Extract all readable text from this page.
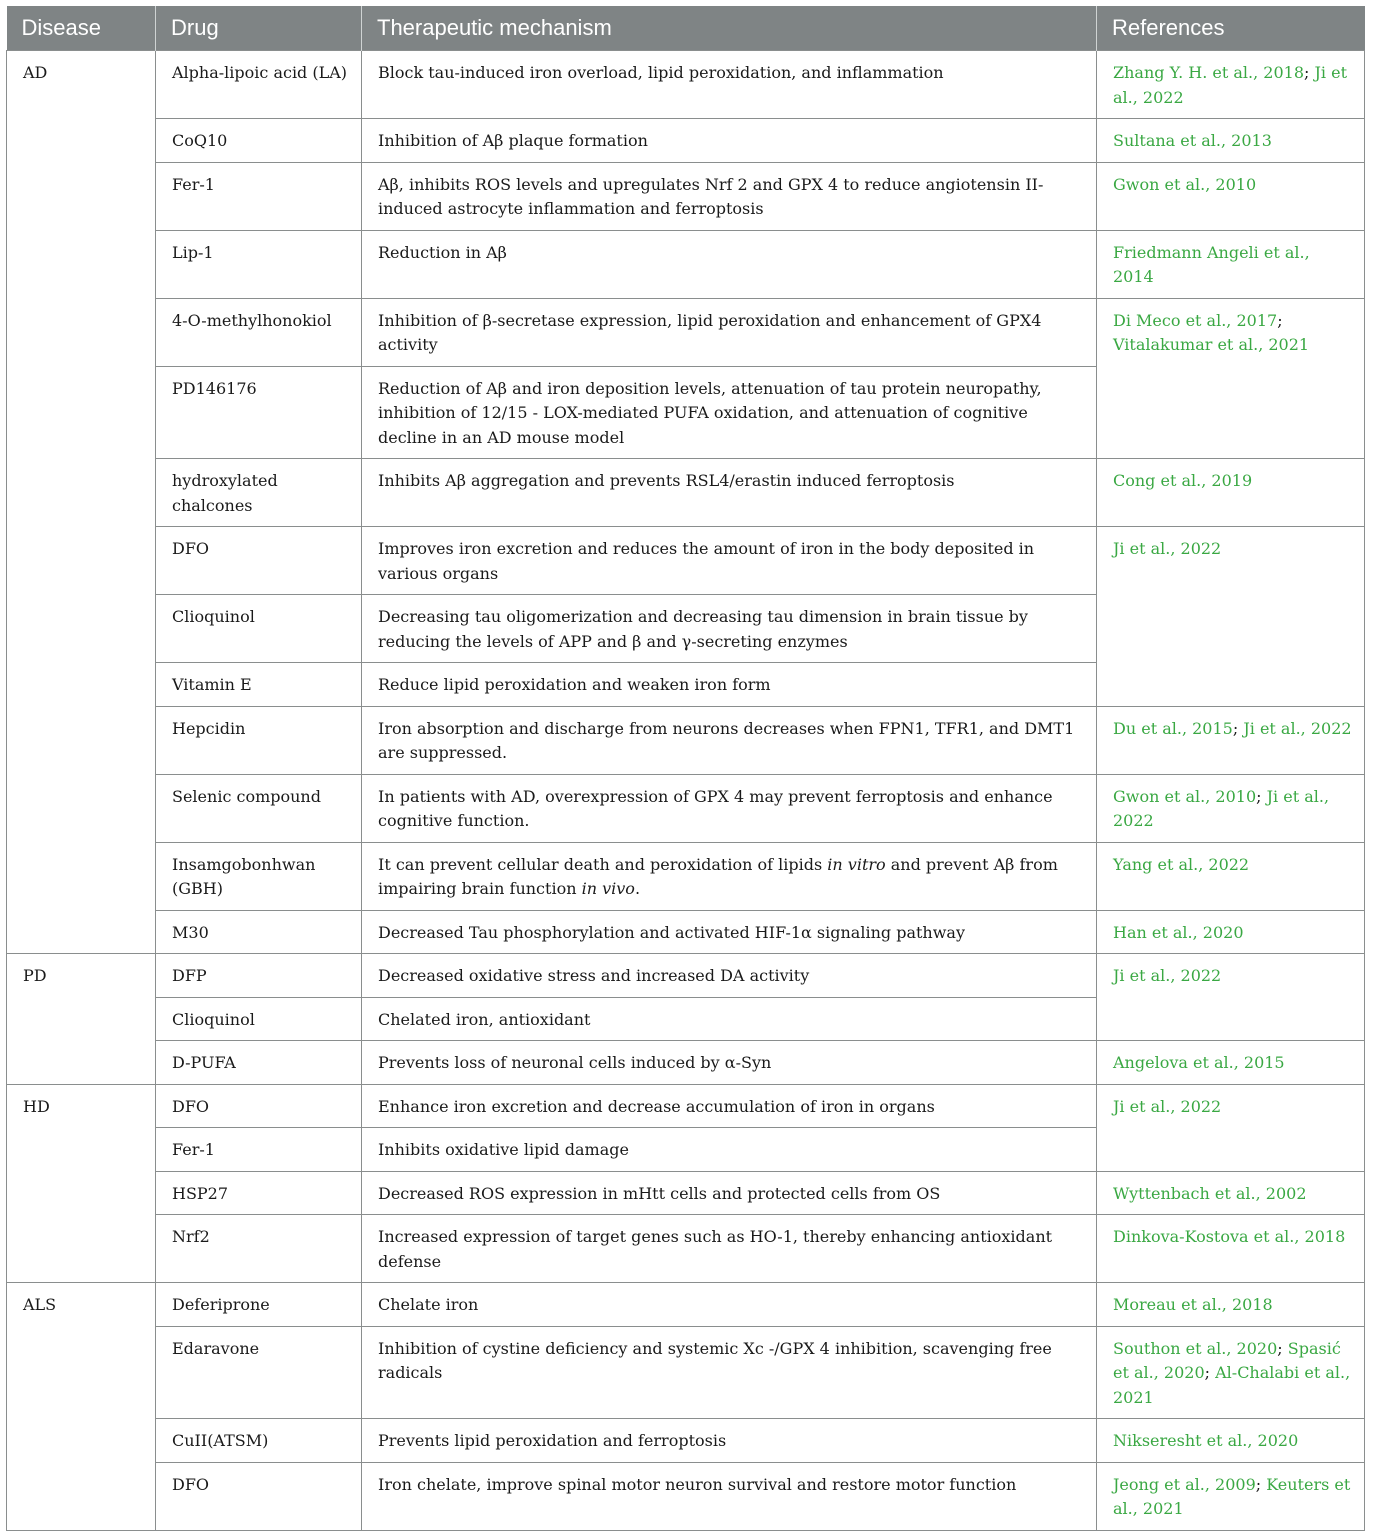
Disease	Drug	Therapeutic mechanism	References
AD	Alpha-lipoic acid (LA)	Block tau-induced iron overload, lipid peroxidation, and inflammation	Zhang Y. H. et al., 2018; Ji et al., 2022
	CoQ10	Inhibition of Aβ plaque formation	Sultana et al., 2013
	Fer-1	Aβ, inhibits ROS levels and upregulates Nrf 2 and GPX 4 to reduce angiotensin II-induced astrocyte inflammation and ferroptosis	Gwon et al., 2010
	Lip-1	Reduction in Aβ	Friedmann Angeli et al., 2014
	4-O-methylhonokiol	Inhibition of β-secretase expression, lipid peroxidation and enhancement of GPX4 activity	Di Meco et al., 2017; Vitalakumar et al., 2021
	PD146176	Reduction of Aβ and iron deposition levels, attenuation of tau protein neuropathy, inhibition of 12/15 - LOX-mediated PUFA oxidation, and attenuation of cognitive decline in an AD mouse model	
	hydroxylated chalcones	Inhibits Aβ aggregation and prevents RSL4/erastin induced ferroptosis	Cong et al., 2019
	DFO	Improves iron excretion and reduces the amount of iron in the body deposited in various organs	Ji et al., 2022
	Clioquinol	Decreasing tau oligomerization and decreasing tau dimension in brain tissue by reducing the levels of APP and β and γ-secreting enzymes	
	Vitamin E	Reduce lipid peroxidation and weaken iron form	
	Hepcidin	Iron absorption and discharge from neurons decreases when FPN1, TFR1, and DMT1 are suppressed.	Du et al., 2015; Ji et al., 2022
	Selenic compound	In patients with AD, overexpression of GPX 4 may prevent ferroptosis and enhance cognitive function.	Gwon et al., 2010; Ji et al., 2022
	Insamgobonhwan (GBH)	It can prevent cellular death and peroxidation of lipids in vitro and prevent Aβ from impairing brain function in vivo.	Yang et al., 2022
	M30	Decreased Tau phosphorylation and activated HIF-1α signaling pathway	Han et al., 2020
PD	DFP	Decreased oxidative stress and increased DA activity	Ji et al., 2022
	Clioquinol	Chelated iron, antioxidant	
	D-PUFA	Prevents loss of neuronal cells induced by α-Syn	Angelova et al., 2015
HD	DFO	Enhance iron excretion and decrease accumulation of iron in organs	Ji et al., 2022
	Fer-1	Inhibits oxidative lipid damage	
	HSP27	Decreased ROS expression in mHtt cells and protected cells from OS	Wyttenbach et al., 2002
	Nrf2	Increased expression of target genes such as HO-1, thereby enhancing antioxidant defense	Dinkova-Kostova et al., 2018
ALS	Deferiprone	Chelate iron	Moreau et al., 2018
	Edaravone	Inhibition of cystine deficiency and systemic Xc -/GPX 4 inhibition, scavenging free radicals	Southon et al., 2020; Spasić et al., 2020; Al-Chalabi et al., 2021
	CuII(ATSM)	Prevents lipid peroxidation and ferroptosis	Nikseresht et al., 2020
	DFO	Iron chelate, improve spinal motor neuron survival and restore motor function	Jeong et al., 2009; Keuters et al., 2021
